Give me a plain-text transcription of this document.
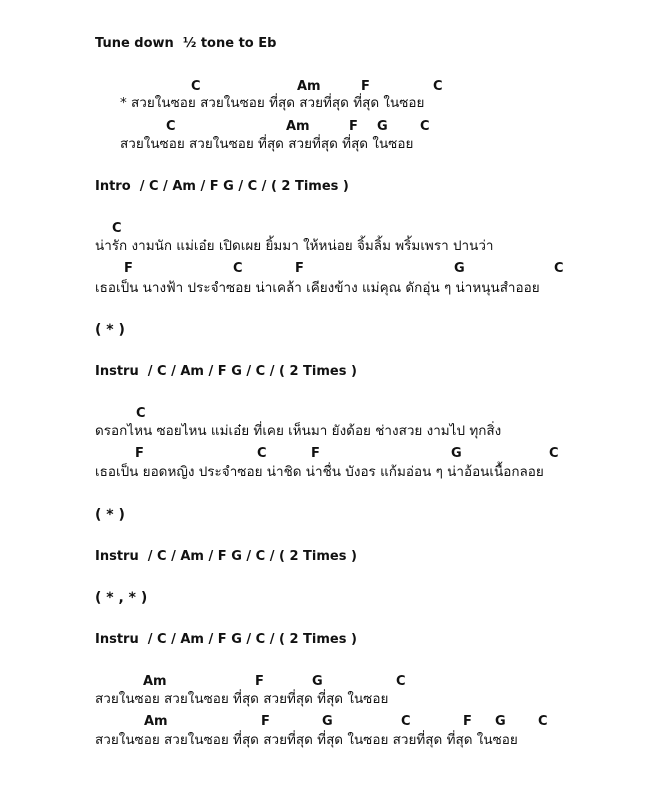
Tune down  ½ tone to Eb
C	Am	F	C
* สวยในซอย สวยในซอย ที่สุด สวยที่สุด ที่สุด ในซอย
C	Am	F G C
สวยในซอย สวยในซอย ที่สุด สวยที่สุด ที่สุด ในซอย
Intro  / C / Am / F G / C / ( 2 Times )
C
น่ารัก งามนัก แม่เอ๋ย เปิดเผย ยิ้มมา ให้หน่อย จิ้มลิ้ม พริ้มเพรา ปานว่า
F	C	F	G	C
เธอเป็น นางฟ้า ประจำซอย น่าเคล้า เคียงข้าง แม่คุณ ดักอุ่น ๆ น่าหนุนสำออย
( * )
Instru  / C / Am / F G / C / ( 2 Times )
C
ดรอกไหน ซอยไหน แม่เอ๋ย ที่เคย เห็นมา ยังด้อย ช่างสวย งามไป ทุกสิ่ง
F	C	F	G	C
เธอเป็น ยอดหญิง ประจำซอย น่าชิด น่าชื่น บังอร แก้มอ่อน ๆ น่าอ้อนเนื้อกลอย
( * )
Instru  / C / Am / F G / C / ( 2 Times )
( * , * )
Instru  / C / Am / F G / C / ( 2 Times )
Am	F	G	C
สวยในซอย สวยในซอย ที่สุด สวยที่สุด ที่สุด ในซอย
Am	F	G	C	F G C
สวยในซอย สวยในซอย ที่สุด สวยที่สุด ที่สุด ในซอย สวยที่สุด ที่สุด ในซอย
